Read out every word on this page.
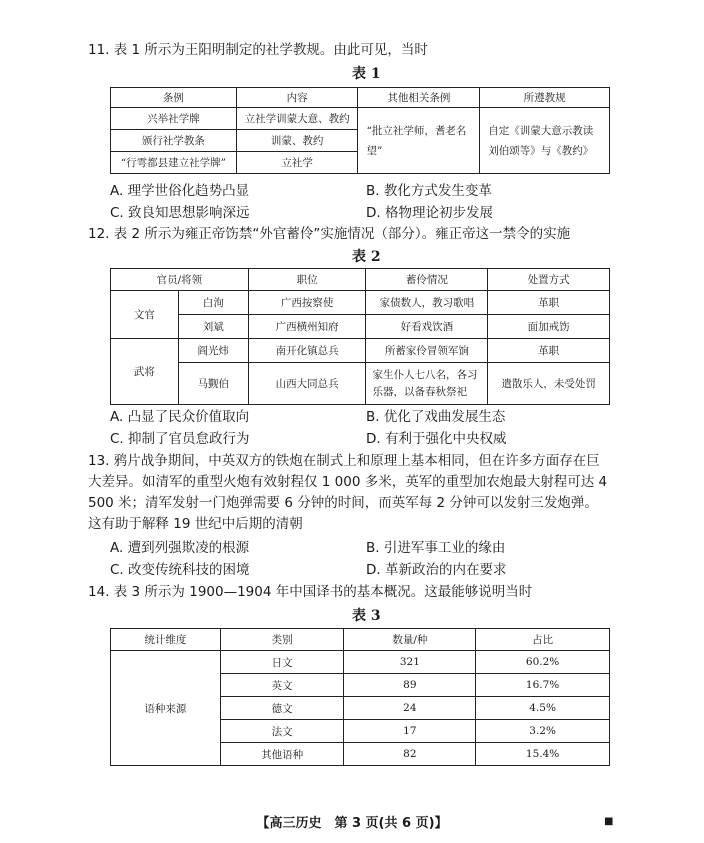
11. 表 1 所示为王阳明制定的社学教规。由此可见，当时
表 1
条例	内容	其他相关条例	所遵教规
兴举社学牌	立社学训蒙大意、教约	“批立社学师，耆老名望”	自定《训蒙大意示教读刘伯颂等》与《教约》
颁行社学教条	训蒙、教约		
“行雩都县建立社学牌”	立社学		
A. 理学世俗化趋势凸显	B. 教化方式发生变革
C. 致良知思想影响深远	D. 格物理论初步发展
12. 表 2 所示为雍正帝饬禁“外官蓄伶”实施情况（部分）。雍正帝这一禁令的实施
表 2
官员/将领		职位	蓄伶情况	处置方式
文官	白洵	广西按察使	家债数人，教习歌唱	革职
	刘斌	广西横州知府	好看戏饮酒	面加戒饬
武将	阎光炜	南开化镇总兵	所蓄家伶冒领军饷	革职
	马觐伯	山西大同总兵	家生仆人七八名，各习乐器，以备春秋祭祀	遣散乐人，未受处罚
A. 凸显了民众价值取向	B. 优化了戏曲发展生态
C. 抑制了官员怠政行为	D. 有利于强化中央权威
13. 鸦片战争期间，中英双方的铁炮在制式上和原理上基本相同，但在许多方面存在巨大差异。如清军的重型火炮有效射程仅 1 000 多米，英军的重型加农炮最大射程可达 4 500 米；清军发射一门炮弹需要 6 分钟的时间，而英军每 2 分钟可以发射三发炮弹。这有助于解释 19 世纪中后期的清朝
A. 遭到列强欺凌的根源	B. 引进军事工业的缘由
C. 改变传统科技的困境	D. 革新政治的内在要求
14. 表 3 所示为 1900—1904 年中国译书的基本概况。这最能够说明当时
表 3
统计维度	类别	数量/种	占比
语种来源	日文	321	60.2%
	英文	89	16.7%
	德文	24	4.5%
	法文	17	3.2%
	其他语种	82	15.4%
【高三历史　第 3 页(共 6 页)】	■
